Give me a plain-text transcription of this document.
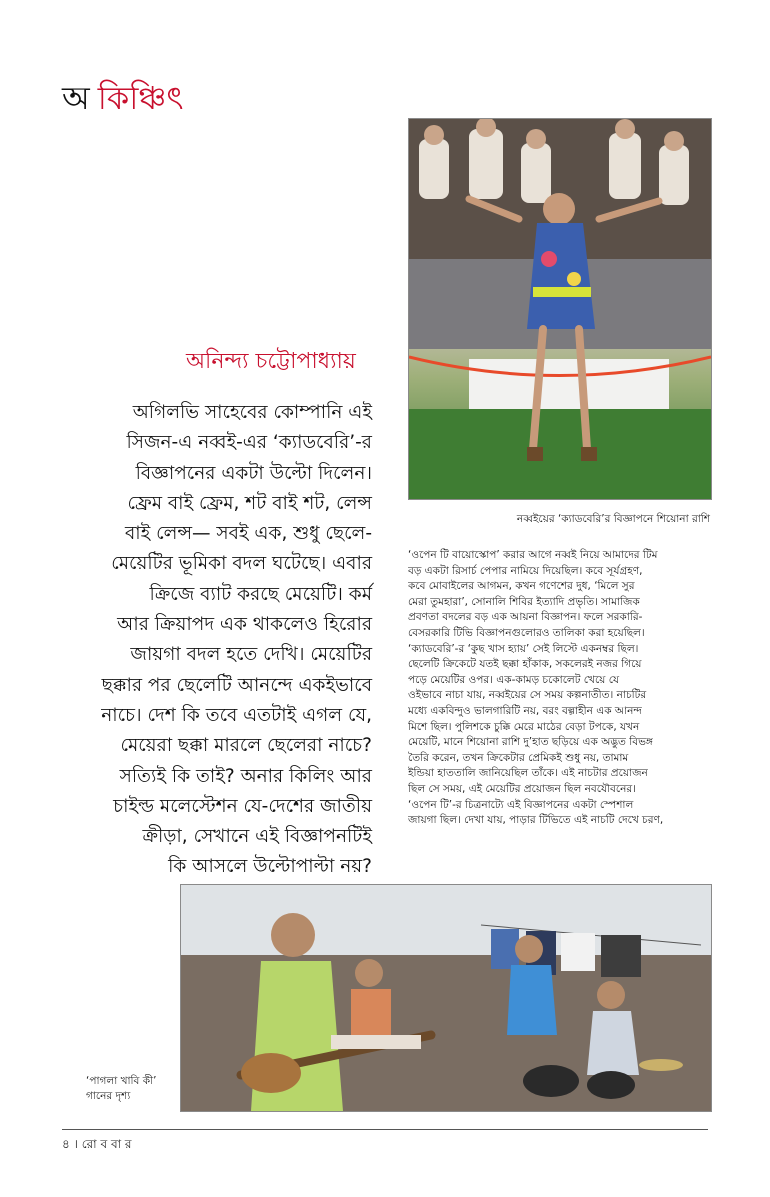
অ কিঞ্চিৎ
নব্বইয়ের ‘ক্যাডবেরি’র বিজ্ঞাপনে শিয়োনা রাশি
অনিন্দ্য চট্টোপাধ্যায়
অগিলভি সাহেবের কোম্পানি এই
সিজন-এ নব্বই-এর ‘ক্যাডবেরি’-র
বিজ্ঞাপনের একটা উল্টো দিলেন।
ফ্রেম বাই ফ্রেম, শট বাই শট, লেন্স
বাই লেন্স— সবই এক, শুধু ছেলে-
মেয়েটির ভূমিকা বদল ঘটেছে। এবার
ক্রিজে ব্যাট করছে মেয়েটি। কর্ম
আর ক্রিয়াপদ এক থাকলেও হিরোর
জায়গা বদল হতে দেখি। মেয়েটির
ছক্কার পর ছেলেটি আনন্দে একইভাবে
নাচে। দেশ কি তবে এতটাই এগল যে,
মেয়েরা ছক্কা মারলে ছেলেরা নাচে?
সত্যিই কি তাই? অনার কিলিং আর
চাইল্ড মলেস্টেশন যে-দেশের জাতীয়
ক্রীড়া, সেখানে এই বিজ্ঞাপনটিই
কি আসলে উল্টোপাল্টা নয়?
‘ওপেন টি বায়োস্কোপ’ করার আগে নব্বই নিয়ে আমাদের টিম
বড় একটা রিসার্চ পেপার নামিয়ে দিয়েছিল। কবে সূর্যগ্রহণ,
কবে মোবাইলের আগমন, কখন গণেশের দুধ, ‘মিলে সুর
মেরা তুমহারা’, সোনালি শিবির ইত্যাদি প্রভৃতি। সামাজিক
প্রবণতা বদলের বড় এক আয়না বিজ্ঞাপন। ফলে সরকারি-
বেসরকারি টিভি বিজ্ঞাপনগুলোরও তালিকা করা হয়েছিল।
‘ক্যাডবেরি’-র ‘কুছ খাস হ্যায়’ সেই লিস্টে একনম্বর ছিল।
ছেলেটি ক্রিকেটে যতই ছক্কা হাঁকাক, সকলেরই নজর গিয়ে
পড়ে মেয়েটির ওপর। এক-কামড় চকোলেট খেয়ে যে
ওইভাবে নাচা যায়, নব্বইয়ের সে সময় কল্পনাতীত। নাচটির
মধ্যে একবিন্দুও ভালগারিটি নয়, বরং বল্গাহীন এক আনন্দ
মিশে ছিল। পুলিশকে চুক্কি মেরে মাঠের বেড়া টপকে, যখন
মেয়েটি, মানে শিয়োনা রাশি দু’হাত ছড়িয়ে এক অদ্ভুত বিভঙ্গ
তৈরি করেন, তখন ক্রিকেটার প্রেমিকই শুধু নয়, তামাম
ইন্ডিয়া হাততালি জানিয়েছিল তাঁকে। এই নাচটার প্রয়োজন
ছিল সে সময়, এই মেয়েটির প্রয়োজন ছিল নবযৌবনের।
‘ওপেন টি’-র চিত্রনাট্যে এই বিজ্ঞাপনের একটা স্পেশাল
জায়গা ছিল। দেখা যায়, পাড়ার টিভিতে এই নাচটি দেখে চরণ,
‘পাগলা খাবি কী’ গানের দৃশ্য
৪ । রো ব বা র
